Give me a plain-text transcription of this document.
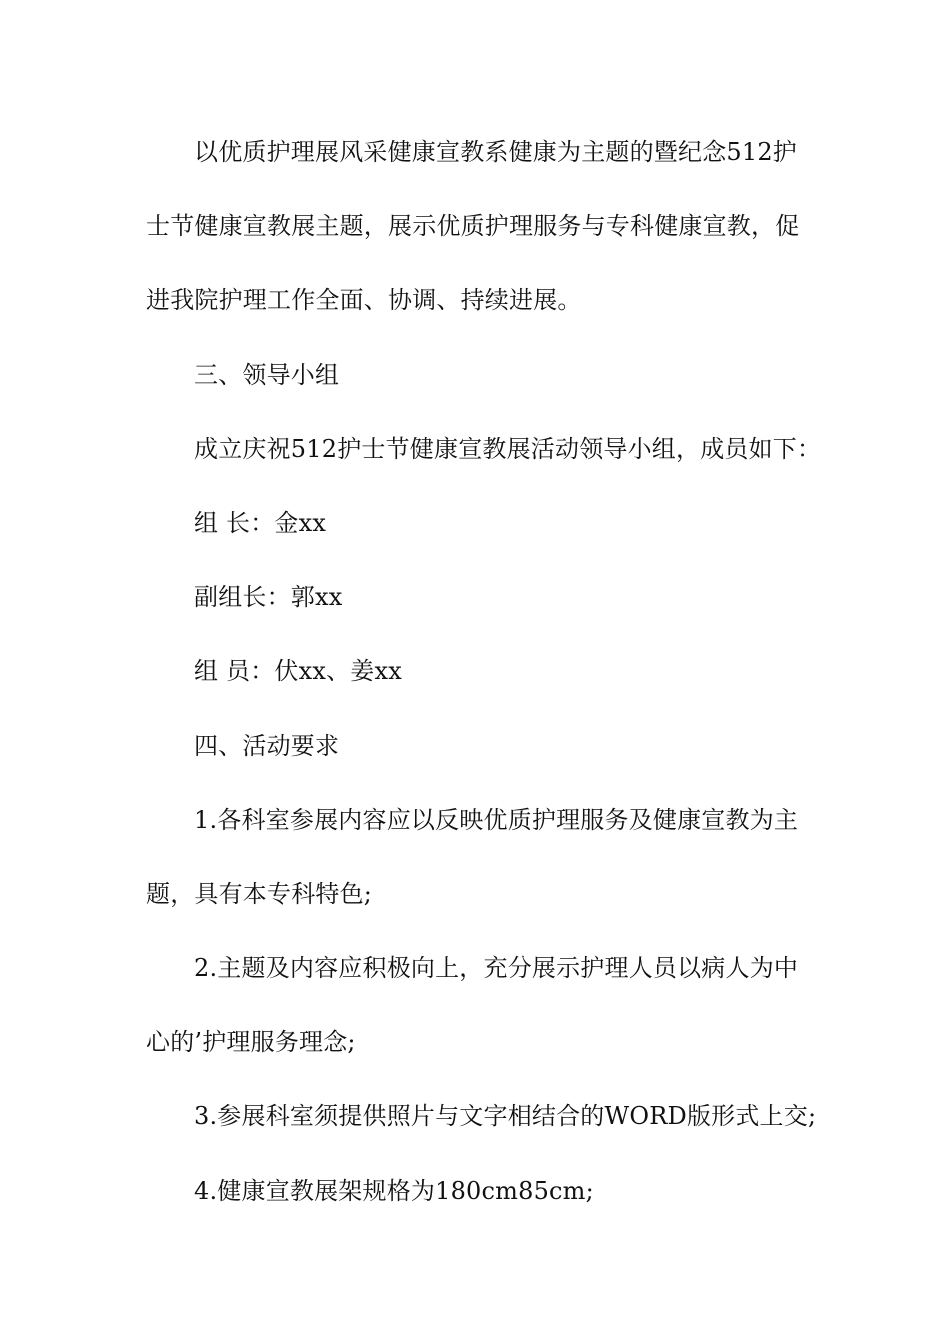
以优质护理展风采健康宣教系健康为主题的暨纪念512护
士节健康宣教展主题，展示优质护理服务与专科健康宣教，促
进我院护理工作全面、协调、持续进展。
三、领导小组
成立庆祝512护士节健康宣教展活动领导小组，成员如下：
组 长：金xx
副组长：郭xx
组 员：伏xx、姜xx
四、活动要求
1.各科室参展内容应以反映优质护理服务及健康宣教为主
题，具有本专科特色;
2.主题及内容应积极向上，充分展示护理人员以病人为中
心的’护理服务理念;
3.参展科室须提供照片与文字相结合的WORD版形式上交;
4.健康宣教展架规格为180cm85cm;
